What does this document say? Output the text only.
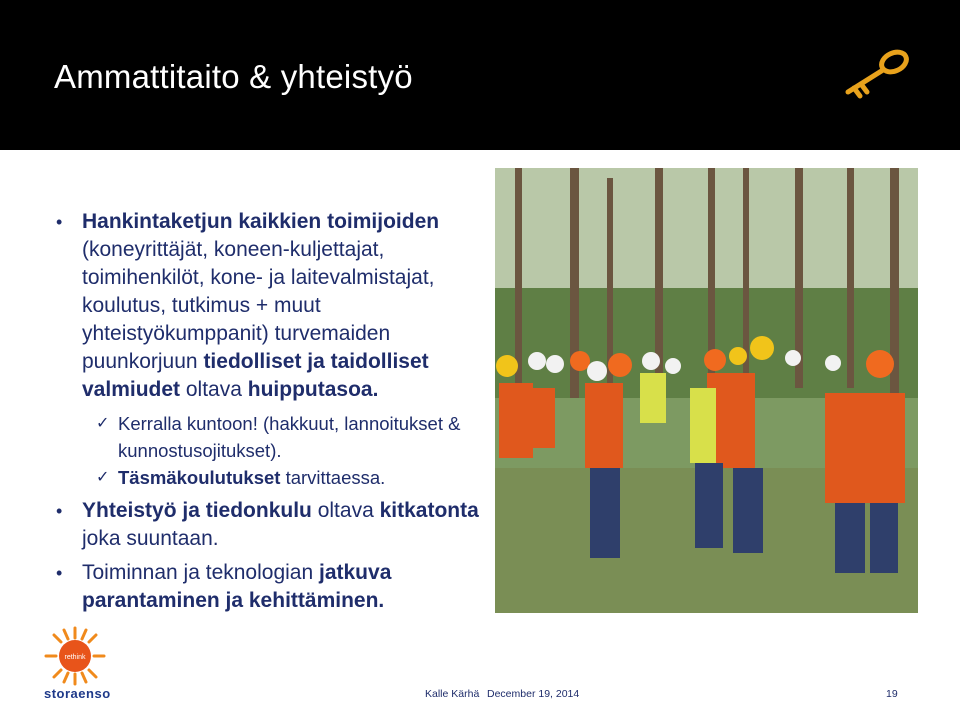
Ammattitaito & yhteistyö
• Hankintaketjun kaikkien toimijoiden (koneyrittäjät, koneen-kuljettajat, toimihenkilöt, kone- ja laitevalmistajat, koulutus, tutkimus + muut yhteistyökumppanit) turvemaiden puunkorjuun tiedolliset ja taidolliset valmiudet oltava huipputasoa.
✓ Kerralla kuntoon! (hakkuut, lannoitukset & kunnostusojitukset).
✓ Täsmäkoulutukset tarvittaessa.
• Yhteistyö ja tiedonkulu oltava kitkatonta joka suuntaan.
• Toiminnan ja teknologian jatkuva parantaminen ja kehittäminen.
rethink
storaenso	Kalle Kärhä December 19, 2014	19
